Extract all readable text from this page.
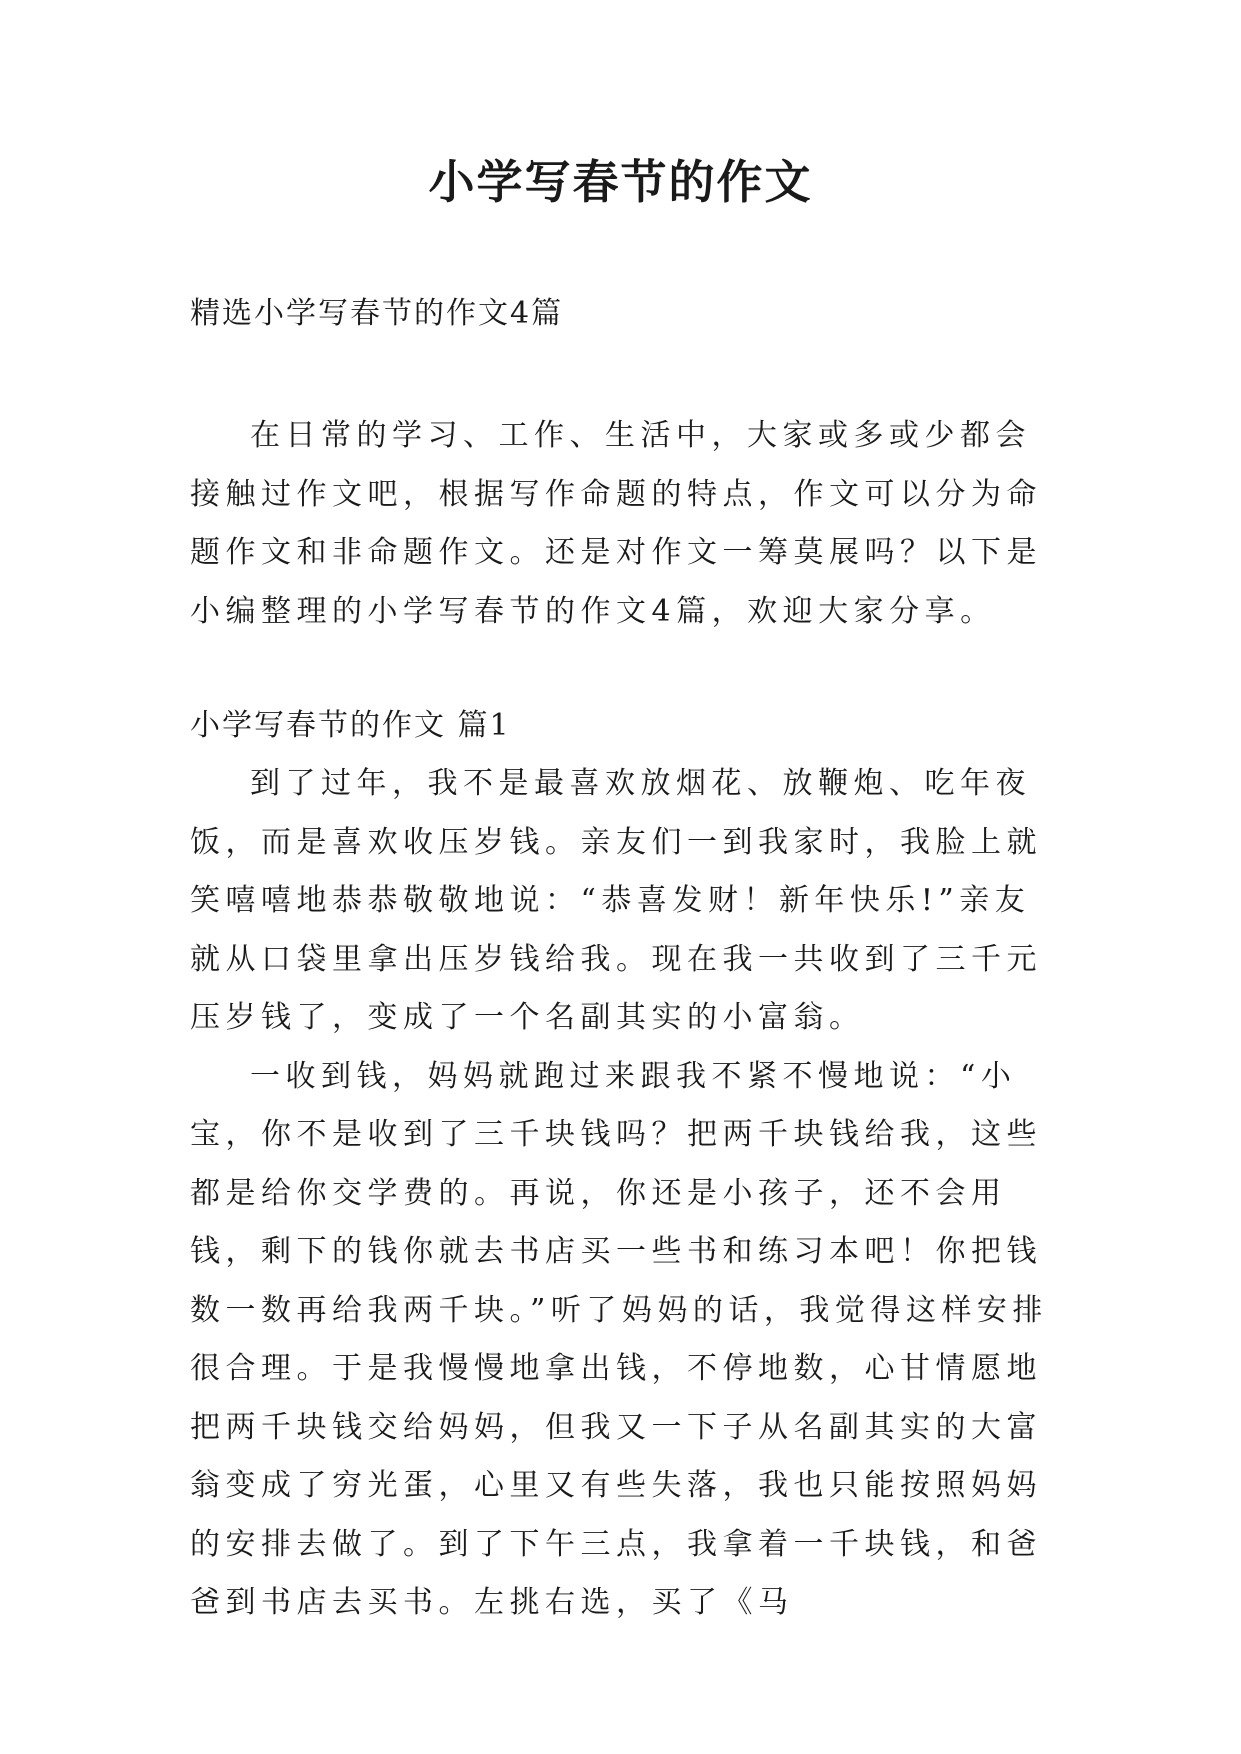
小学写春节的作文
精选小学写春节的作文4篇

在日常的学习、工作、生活中，大家或多或少都会接触过作文吧，根据写作命题的特点，作文可以分为命题作文和非命题作文。还是对作文一筹莫展吗？以下是小编整理的小学写春节的作文4篇，欢迎大家分享。

小学写春节的作文 篇1

到了过年，我不是最喜欢放烟花、放鞭炮、吃年夜饭，而是喜欢收压岁钱。亲友们一到我家时，我脸上就笑嘻嘻地恭恭敬敬地说：“恭喜发财！新年快乐!”亲友就从口袋里拿出压岁钱给我。现在我一共收到了三千元压岁钱了，变成了一个名副其实的小富翁。

一收到钱，妈妈就跑过来跟我不紧不慢地说：“小宝，你不是收到了三千块钱吗？把两千块钱给我，这些都是给你交学费的。再说，你还是小孩子，还不会用钱，剩下的钱你就去书店买一些书和练习本吧！你把钱数一数再给我两千块。”听了妈妈的话，我觉得这样安排很合理。于是我慢慢地拿出钱，不停地数，心甘情愿地把两千块钱交给妈妈，但我又一下子从名副其实的大富翁变成了穷光蛋，心里又有些失落，我也只能按照妈妈的安排去做了。到了下午三点，我拿着一千块钱，和爸爸到书店去买书。左挑右选，买了《马
